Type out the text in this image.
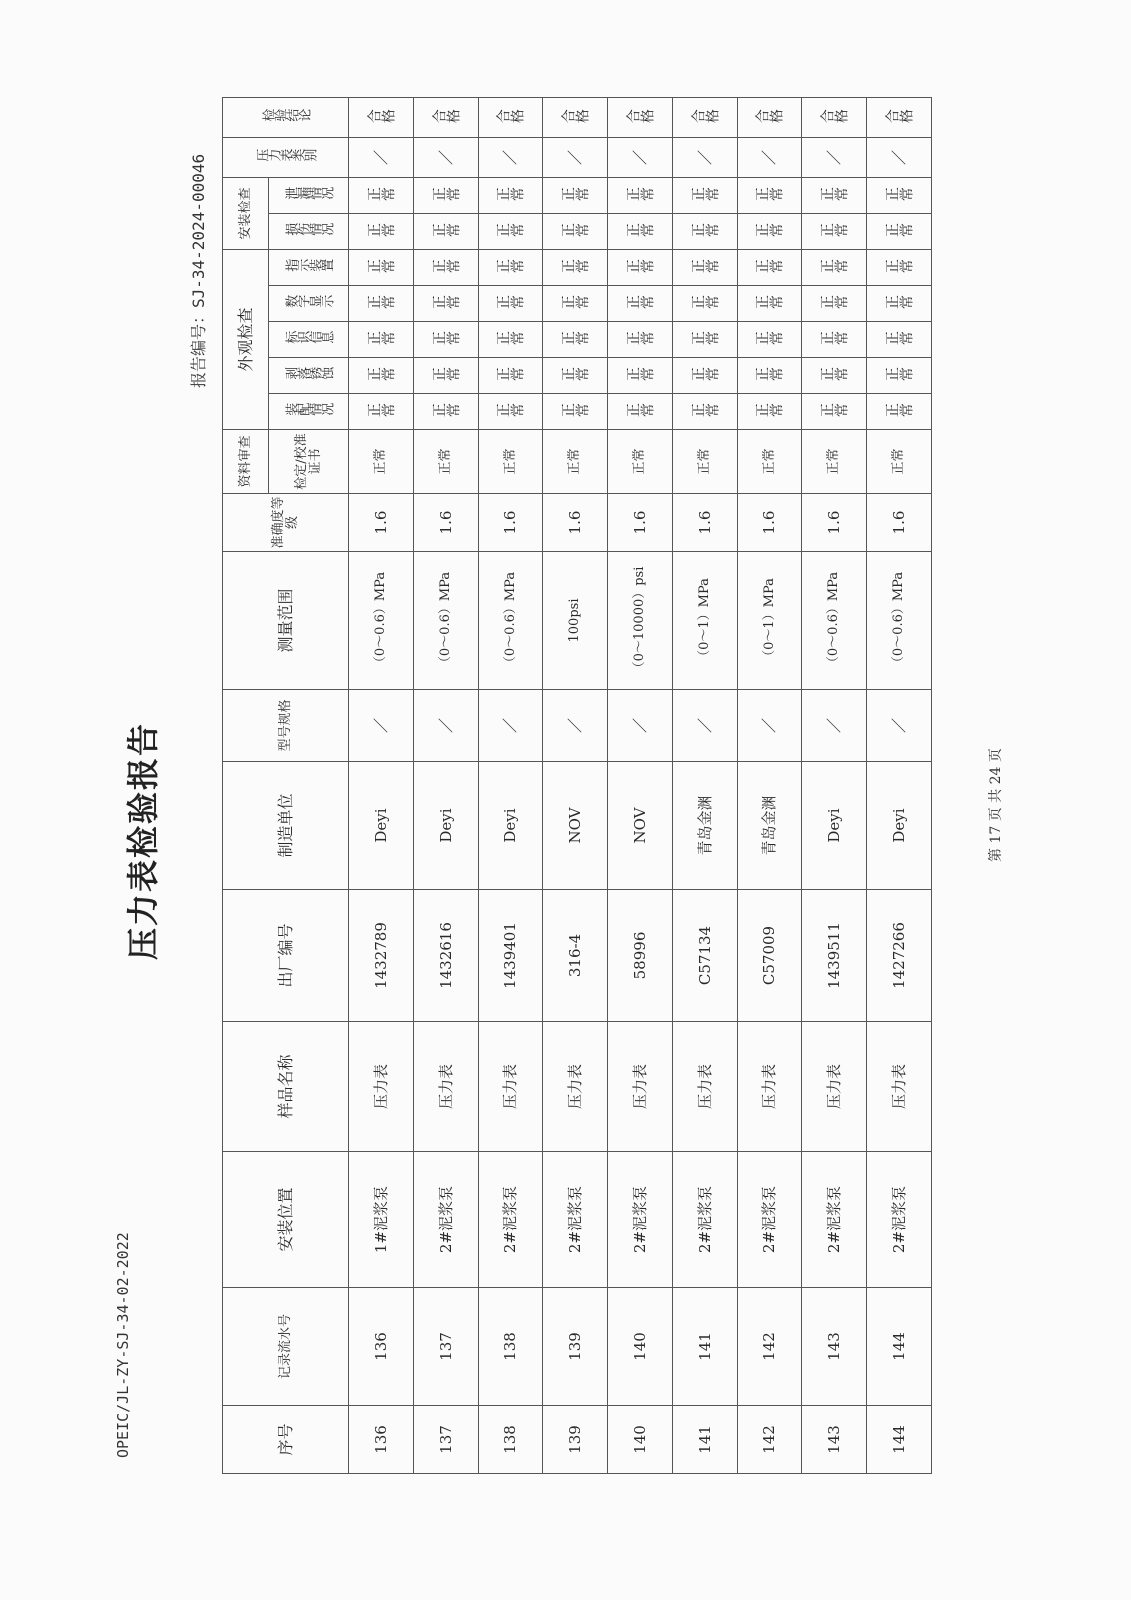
OPEIC/JL-ZY-SJ-34-02-2022
压力表检验报告
报告编号：SJ-34-2024-00046
序号	记录流水号	安装位置	样品名称	出厂编号	制造单位	型号规格	测量范围	准确度等级	资料审查	外观检查					安装检查		压力表类别	检验结论

									检定/校准证书	装配情况	剥落锈蚀	标识信息	数字显示	指示装置	损伤情况	泄漏情况		

136	136	1#泥浆泵	压力表	1432789	Deyi	／	（0～0.6）MPa	1.6	正常	正常	正常	正常	正常	正常	正常	正常	／	合格

137	137	2#泥浆泵	压力表	1432616	Deyi	／	（0～0.6）MPa	1.6	正常	正常	正常	正常	正常	正常	正常	正常	／	合格

138	138	2#泥浆泵	压力表	1439401	Deyi	／	（0～0.6）MPa	1.6	正常	正常	正常	正常	正常	正常	正常	正常	／	合格

139	139	2#泥浆泵	压力表	316-4	NOV	／	100psi	1.6	正常	正常	正常	正常	正常	正常	正常	正常	／	合格

140	140	2#泥浆泵	压力表	58996	NOV	／	（0～10000）psi	1.6	正常	正常	正常	正常	正常	正常	正常	正常	／	合格

141	141	2#泥浆泵	压力表	C57134	青岛金渊	／	（0～1）MPa	1.6	正常	正常	正常	正常	正常	正常	正常	正常	／	合格

142	142	2#泥浆泵	压力表	C57009	青岛金渊	／	（0～1）MPa	1.6	正常	正常	正常	正常	正常	正常	正常	正常	／	合格

143	143	2#泥浆泵	压力表	1439511	Deyi	／	（0～0.6）MPa	1.6	正常	正常	正常	正常	正常	正常	正常	正常	／	合格

144	144	2#泥浆泵	压力表	1427266	Deyi	／	（0～0.6）MPa	1.6	正常	正常	正常	正常	正常	正常	正常	正常	／	合格
第 17 页 共 24 页
